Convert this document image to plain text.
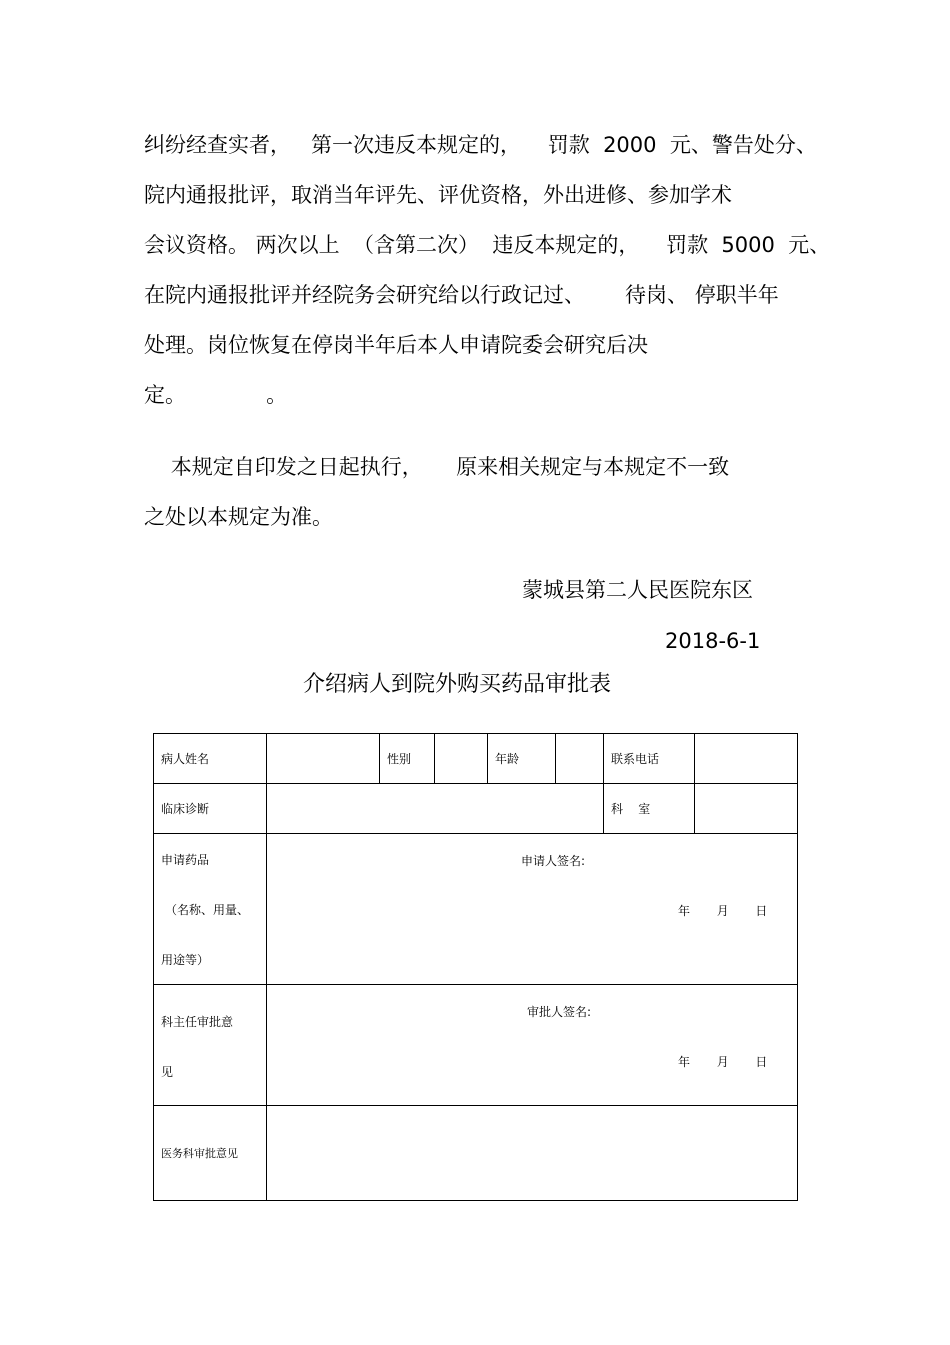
纠纷经查实者，   第一次违反本规定的，    罚款  2000  元、警告处分、
院内通报批评，取消当年评先、评优资格，外出进修、参加学术
会议资格。 两次以上  （含第二次）  违反本规定的，    罚款  5000  元、
在院内通报批评并经院务会研究给以行政记过、      待岗、 停职半年
处理。岗位恢复在停岗半年后本人申请院委会研究后决
定。            。
本规定自印发之日起执行，     原来相关规定与本规定不一致
之处以本规定为准。
蒙城县第二人民医院东区
2018-6-1
介绍病人到院外购买药品审批表
病人姓名		性别		年龄		联系电话	
临床诊断						科    室	

申请药品
（名称、用量、
用途等）	申请人签名:
年       月       日						

科主任审批意
见	审批人签名:
年       月       日						

医务科审批意见							
